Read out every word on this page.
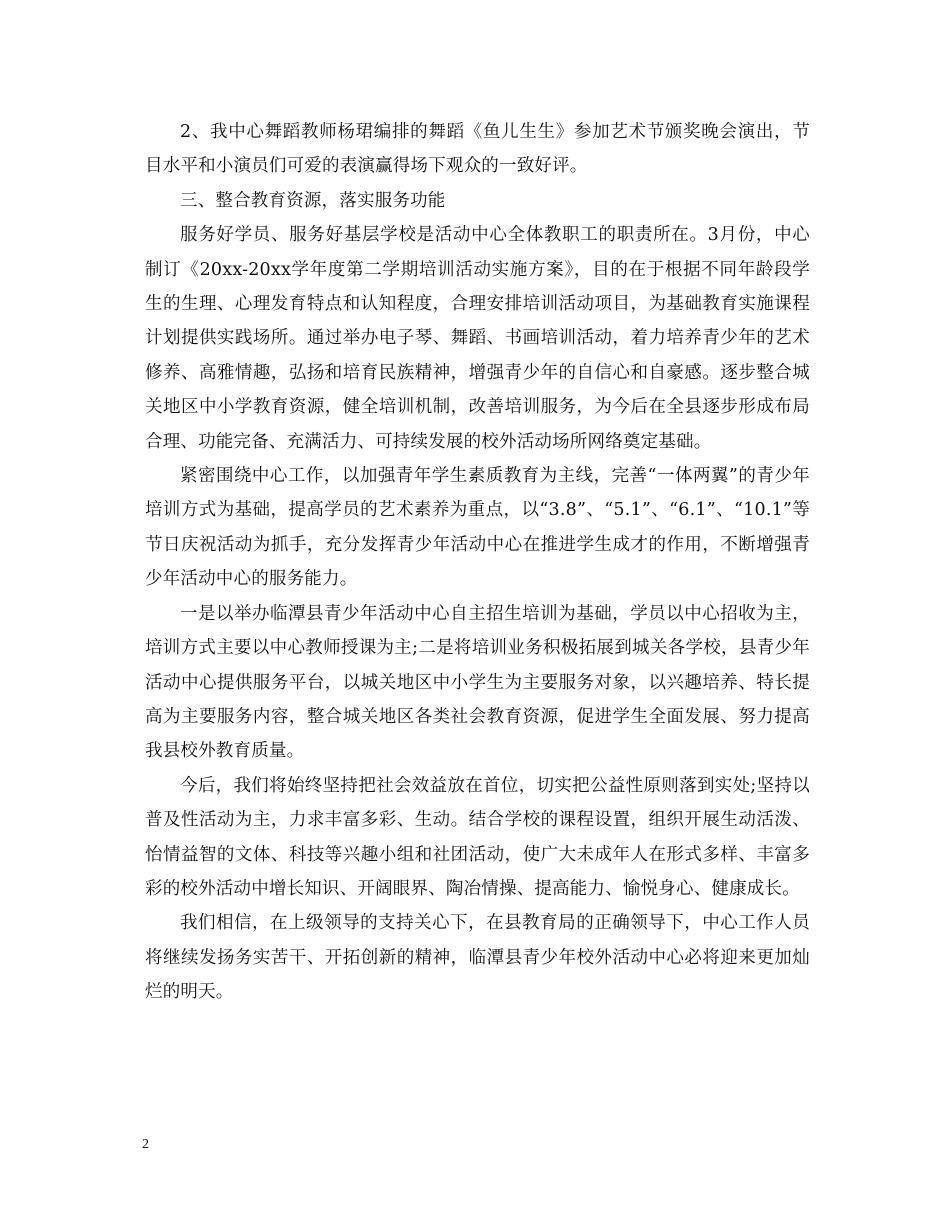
2、我中心舞蹈教师杨珺编排的舞蹈《鱼儿生生》参加艺术节颁奖晚会演出，节目水平和小演员们可爱的表演赢得场下观众的一致好评。

三、整合教育资源，落实服务功能

服务好学员、服务好基层学校是活动中心全体教职工的职责所在。3月份，中心制订《20xx-20xx学年度第二学期培训活动实施方案》，目的在于根据不同年龄段学生的生理、心理发育特点和认知程度，合理安排培训活动项目，为基础教育实施课程计划提供实践场所。通过举办电子琴、舞蹈、书画培训活动，着力培养青少年的艺术修养、高雅情趣，弘扬和培育民族精神，增强青少年的自信心和自豪感。逐步整合城关地区中小学教育资源，健全培训机制，改善培训服务，为今后在全县逐步形成布局合理、功能完备、充满活力、可持续发展的校外活动场所网络奠定基础。

紧密围绕中心工作，以加强青年学生素质教育为主线，完善“一体两翼”的青少年培训方式为基础，提高学员的艺术素养为重点，以“3.8”、“5.1”、“6.1”、“10.1”等节日庆祝活动为抓手，充分发挥青少年活动中心在推进学生成才的作用，不断增强青少年活动中心的服务能力。

一是以举办临潭县青少年活动中心自主招生培训为基础，学员以中心招收为主，培训方式主要以中心教师授课为主;二是将培训业务积极拓展到城关各学校，县青少年活动中心提供服务平台，以城关地区中小学生为主要服务对象，以兴趣培养、特长提高为主要服务内容，整合城关地区各类社会教育资源，促进学生全面发展、努力提高我县校外教育质量。

今后，我们将始终坚持把社会效益放在首位，切实把公益性原则落到实处;坚持以普及性活动为主，力求丰富多彩、生动。结合学校的课程设置，组织开展生动活泼、怡情益智的文体、科技等兴趣小组和社团活动，使广大未成年人在形式多样、丰富多彩的校外活动中增长知识、开阔眼界、陶冶情操、提高能力、愉悦身心、健康成长。

我们相信，在上级领导的支持关心下，在县教育局的正确领导下，中心工作人员将继续发扬务实苦干、开拓创新的精神，临潭县青少年校外活动中心必将迎来更加灿烂的明天。

2
